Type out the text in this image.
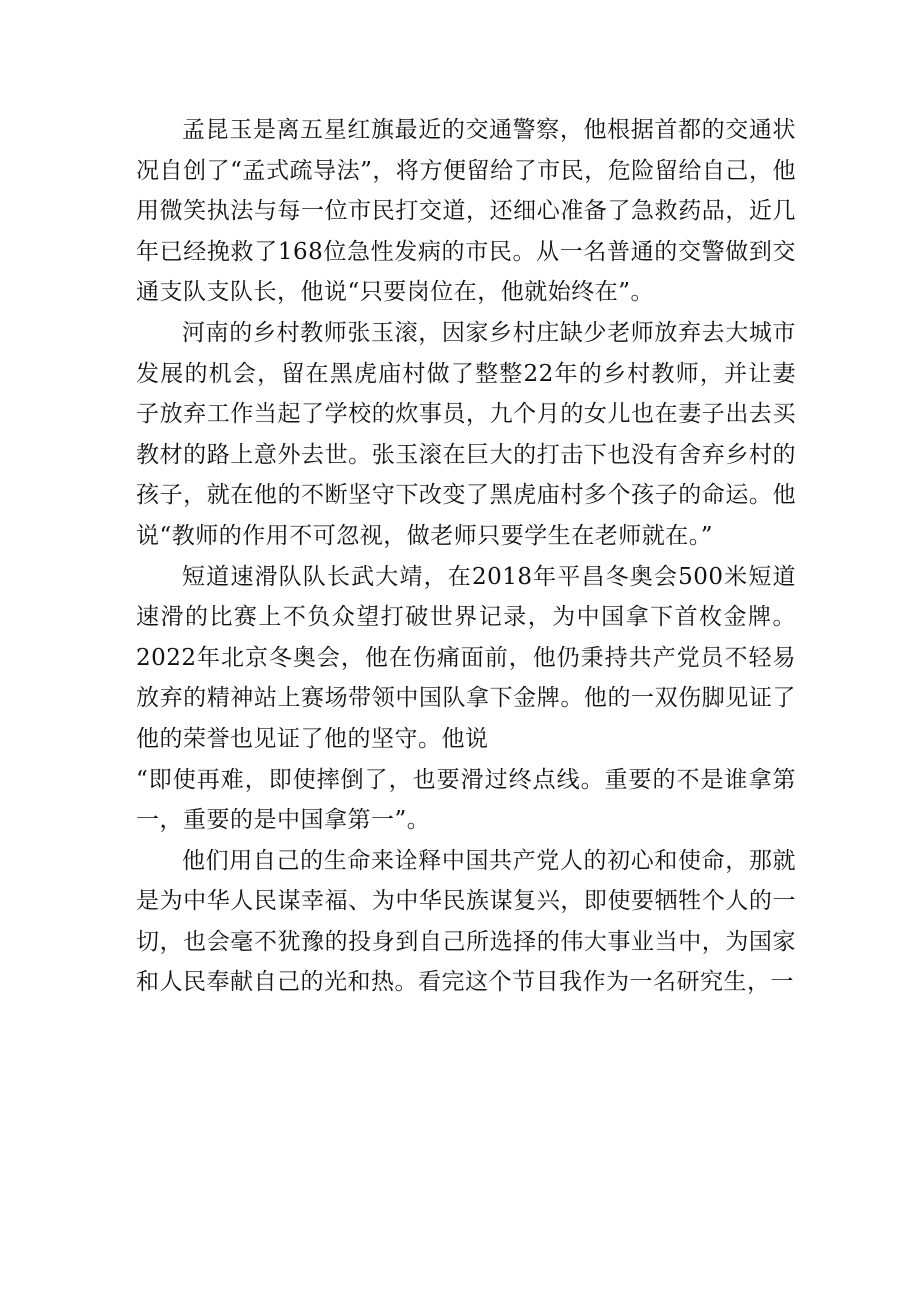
孟昆玉是离五星红旗最近的交通警察，他根据首都的交通状况自创了“孟式疏导法”，将方便留给了市民，危险留给自己，他用微笑执法与每一位市民打交道，还细心准备了急救药品，近几年已经挽救了168位急性发病的市民。从一名普通的交警做到交通支队支队长，他说“只要岗位在，他就始终在”。

河南的乡村教师张玉滚，因家乡村庄缺少老师放弃去大城市发展的机会，留在黑虎庙村做了整整22年的乡村教师，并让妻子放弃工作当起了学校的炊事员，九个月的女儿也在妻子出去买教材的路上意外去世。张玉滚在巨大的打击下也没有舍弃乡村的孩子，就在他的不断坚守下改变了黑虎庙村多个孩子的命运。他说“教师的作用不可忽视，做老师只要学生在老师就在。”

短道速滑队队长武大靖，在2018年平昌冬奥会500米短道速滑的比赛上不负众望打破世界记录，为中国拿下首枚金牌。2022年北京冬奥会，他在伤痛面前，他仍秉持共产党员不轻易放弃的精神站上赛场带领中国队拿下金牌。他的一双伤脚见证了他的荣誉也见证了他的坚守。他说

“即使再难，即使摔倒了，也要滑过终点线。重要的不是谁拿第一，重要的是中国拿第一”。

他们用自己的生命来诠释中国共产党人的初心和使命，那就是为中华人民谋幸福、为中华民族谋复兴，即使要牺牲个人的一切，也会毫不犹豫的投身到自己所选择的伟大事业当中，为国家和人民奉献自己的光和热。看完这个节目我作为一名研究生，一
